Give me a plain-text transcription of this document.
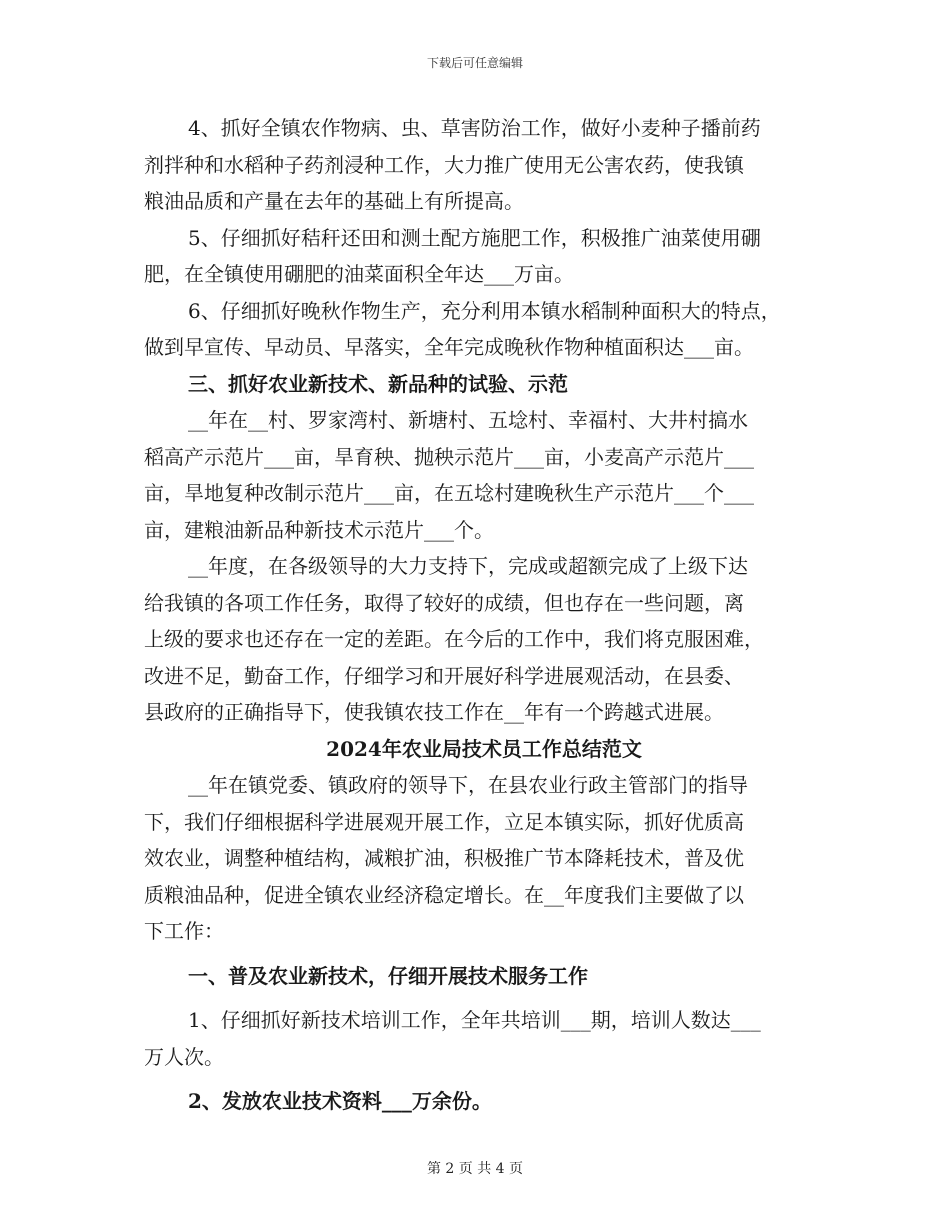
下载后可任意编辑
4、抓好全镇农作物病、虫、草害防治工作，做好小麦种子播前药
剂拌种和水稻种子药剂浸种工作，大力推广使用无公害农药，使我镇
粮油品质和产量在去年的基础上有所提高。
5、仔细抓好秸秆还田和测土配方施肥工作，积极推广油菜使用硼
肥，在全镇使用硼肥的油菜面积全年达___万亩。
6、仔细抓好晚秋作物生产，充分利用本镇水稻制种面积大的特点，
做到早宣传、早动员、早落实，全年完成晚秋作物种植面积达___亩。
三、抓好农业新技术、新品种的试验、示范
__年在__村、罗家湾村、新塘村、五埝村、幸福村、大井村搞水
稻高产示范片___亩，旱育秧、抛秧示范片___亩，小麦高产示范片___
亩，旱地复种改制示范片___亩，在五埝村建晚秋生产示范片___个___
亩，建粮油新品种新技术示范片___个。
__年度，在各级领导的大力支持下，完成或超额完成了上级下达
给我镇的各项工作任务，取得了较好的成绩，但也存在一些问题，离
上级的要求也还存在一定的差距。在今后的工作中，我们将克服困难，
改进不足，勤奋工作，仔细学习和开展好科学进展观活动，在县委、
县政府的正确指导下，使我镇农技工作在__年有一个跨越式进展。
2024年农业局技术员工作总结范文
__年在镇党委、镇政府的领导下，在县农业行政主管部门的指导
下，我们仔细根据科学进展观开展工作，立足本镇实际，抓好优质高
效农业，调整种植结构，减粮扩油，积极推广节本降耗技术，普及优
质粮油品种，促进全镇农业经济稳定增长。在__年度我们主要做了以
下工作：
一、普及农业新技术，仔细开展技术服务工作
1、仔细抓好新技术培训工作，全年共培训___期，培训人数达___
万人次。
2、发放农业技术资料___万余份。
第 2 页 共 4 页
